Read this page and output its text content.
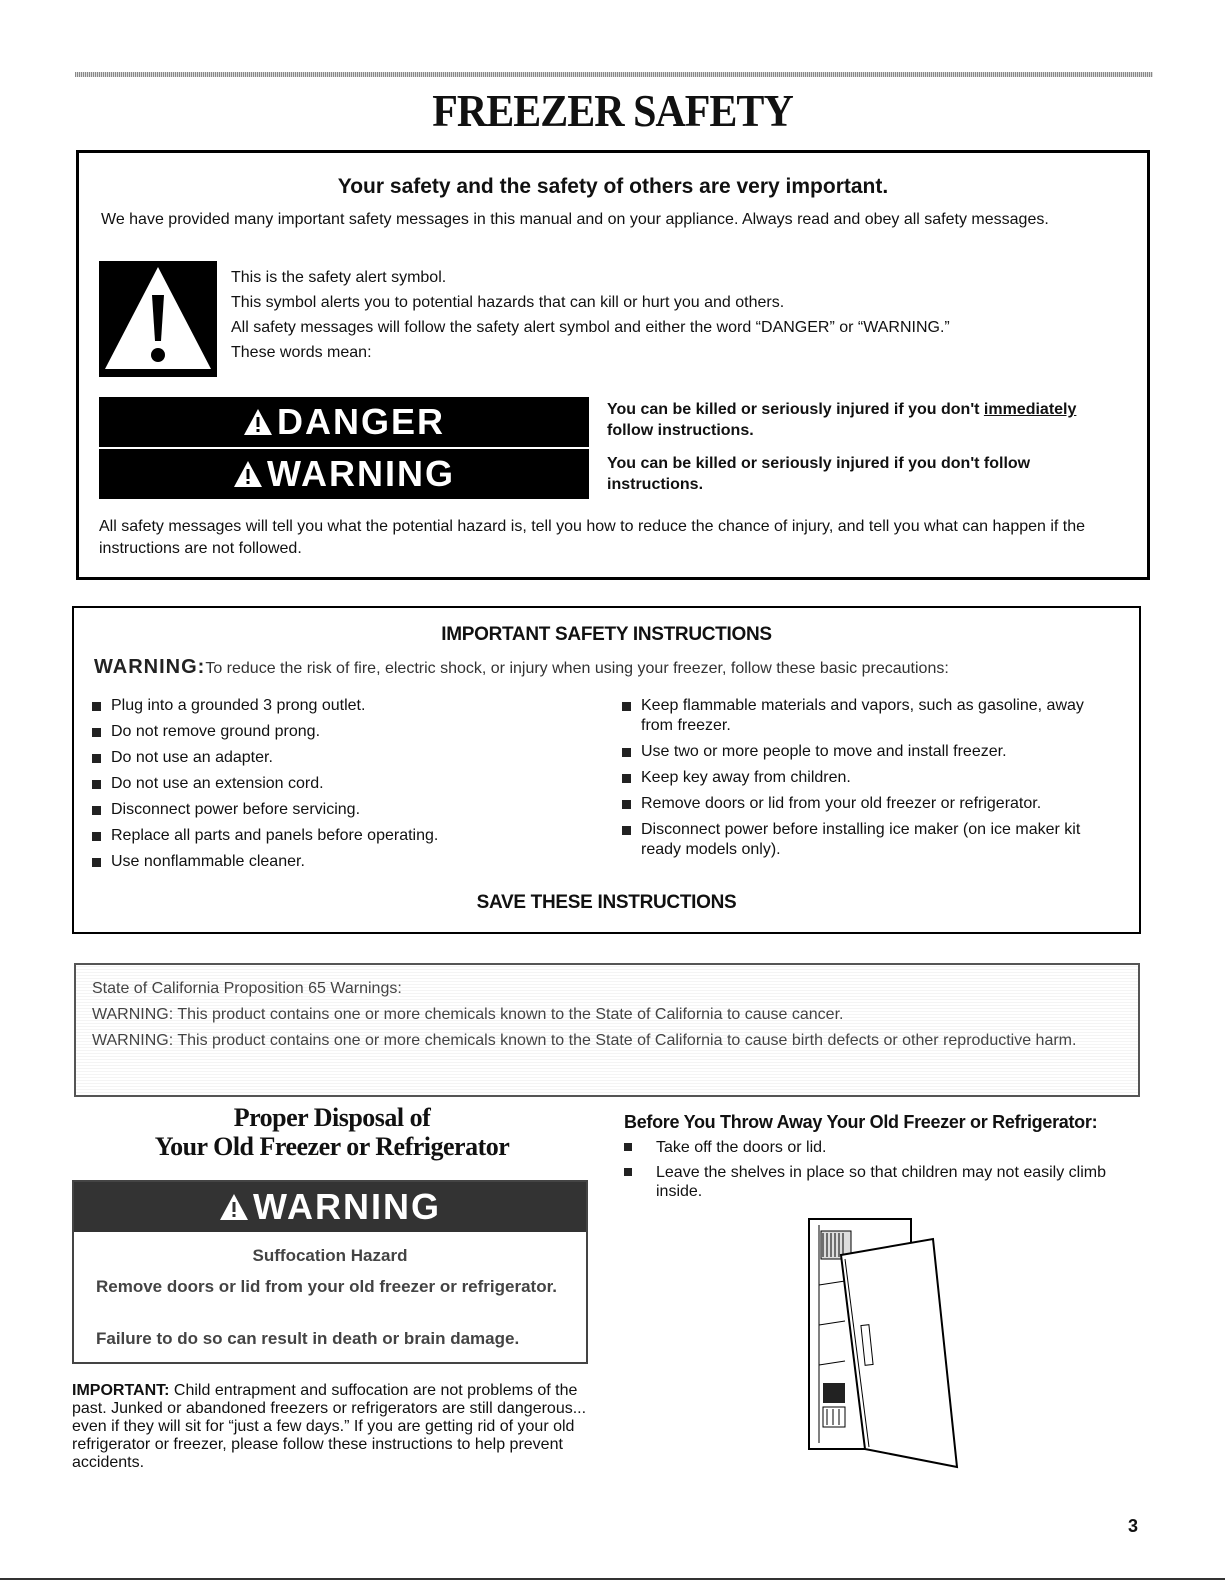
FREEZER SAFETY
Your safety and the safety of others are very important.
We have provided many important safety messages in this manual and on your appliance. Always read and obey all safety messages.
This is the safety alert symbol.
This symbol alerts you to potential hazards that can kill or hurt you and others.
All safety messages will follow the safety alert symbol and either the word “DANGER” or “WARNING.”
These words mean:
DANGER	You can be killed or seriously injured if you don't immediately
follow instructions.
WARNING	You can be killed or seriously injured if you don't follow instructions.
All safety messages will tell you what the potential hazard is, tell you how to reduce the chance of injury, and tell you what can happen if the instructions are not followed.
IMPORTANT SAFETY INSTRUCTIONS
WARNING:To reduce the risk of fire, electric shock, or injury when using your freezer, follow these basic precautions:
Plug into a grounded 3 prong outlet.
Do not remove ground prong.
Do not use an adapter.
Do not use an extension cord.
Disconnect power before servicing.
Replace all parts and panels before operating.
Use nonflammable cleaner.
Keep flammable materials and vapors, such as gasoline, away from freezer.
Use two or more people to move and install freezer.
Keep key away from children.
Remove doors or lid from your old freezer or refrigerator.
Disconnect power before installing ice maker (on ice maker kit ready models only).
SAVE THESE INSTRUCTIONS
State of California Proposition 65 Warnings:
WARNING: This product contains one or more chemicals known to the State of California to cause cancer.
WARNING: This product contains one or more chemicals known to the State of California to cause birth defects or other reproductive harm.
Proper Disposal of
Your Old Freezer or Refrigerator
WARNING
Suffocation Hazard
Remove doors or lid from your old freezer or refrigerator.
Failure to do so can result in death or brain damage.
IMPORTANT: Child entrapment and suffocation are not problems of the past. Junked or abandoned freezers or refrigerators are still dangerous... even if they will sit for “just a few days.” If you are getting rid of your old refrigerator or freezer, please follow these instructions to help prevent accidents.
Before You Throw Away Your Old Freezer or Refrigerator:
Take off the doors or lid.
Leave the shelves in place so that children may not easily climb inside.
3
